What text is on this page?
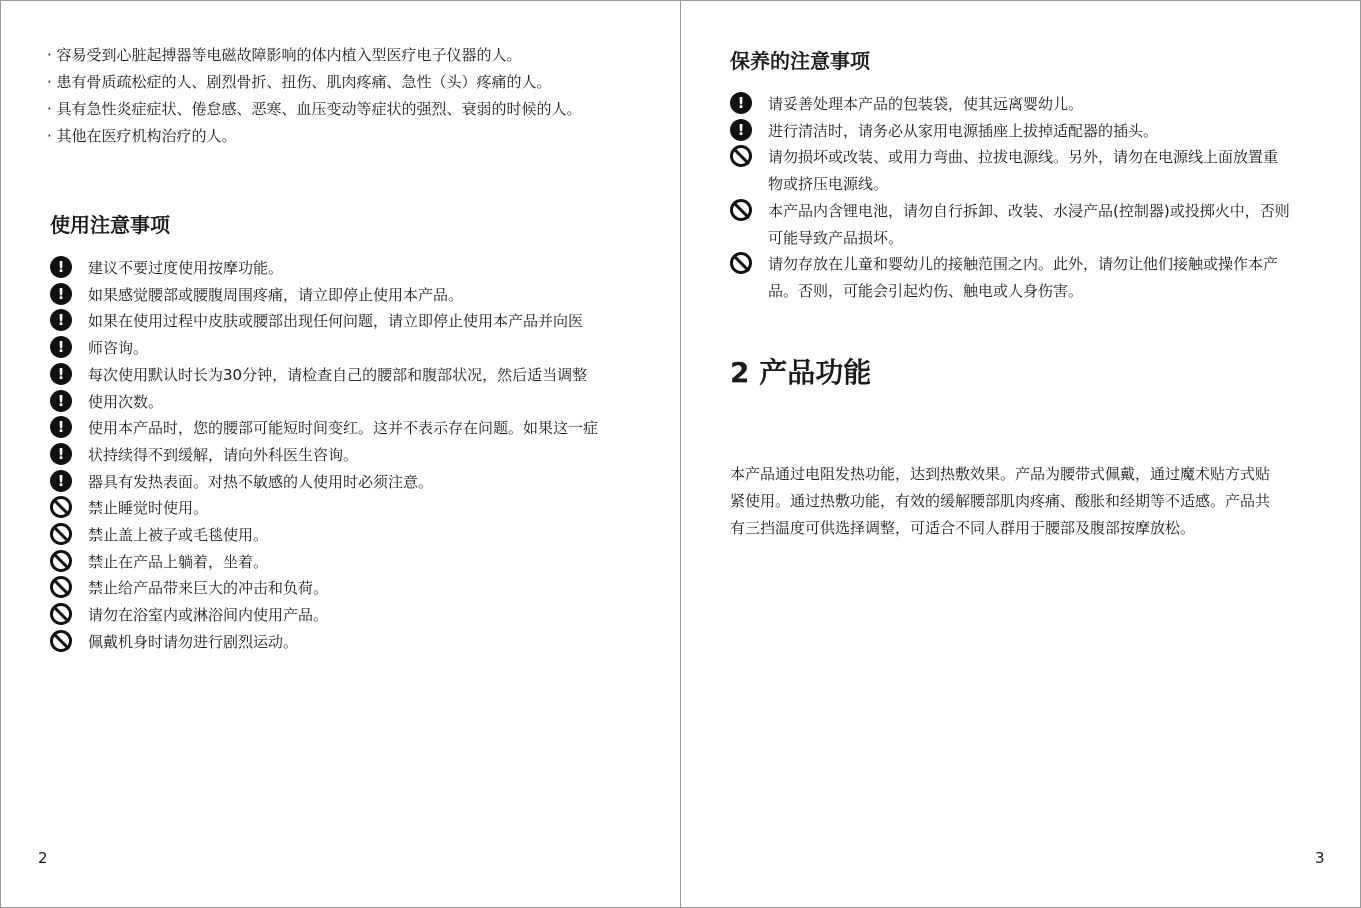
· 容易受到心脏起搏器等电磁故障影响的体内植入型医疗电子仪器的人。
· 患有骨质疏松症的人、剧烈骨折、扭伤、肌肉疼痛、急性（头）疼痛的人。
· 具有急性炎症症状、倦怠感、恶寒、血压变动等症状的强烈、衰弱的时候的人。
· 其他在医疗机构治疗的人。
使用注意事项
!	建议不要过度使用按摩功能。
!	如果感觉腰部或腰腹周围疼痛，请立即停止使用本产品。
!	如果在使用过程中皮肤或腰部出现任何问题，请立即停止使用本产品并向医
!	师咨询。
!	每次使用默认时长为30分钟，请检查自己的腰部和腹部状况，然后适当调整
!	使用次数。
!	使用本产品时，您的腰部可能短时间变红。这并不表示存在问题。如果这一症
!	状持续得不到缓解，请向外科医生咨询。
!	器具有发热表面。对热不敏感的人使用时必须注意。
禁止睡觉时使用。
禁止盖上被子或毛毯使用。
禁止在产品上躺着，坐着。
禁止给产品带来巨大的冲击和负荷。
请勿在浴室内或淋浴间内使用产品。
佩戴机身时请勿进行剧烈运动。
2
保养的注意事项
!	请妥善处理本产品的包装袋，使其远离婴幼儿。
!	进行清洁时，请务必从家用电源插座上拔掉适配器的插头。
请勿损坏或改装、或用力弯曲、拉拔电源线。另外，请勿在电源线上面放置重
物或挤压电源线。
本产品内含锂电池，请勿自行拆卸、改装、水浸产品(控制器)或投掷火中，否则
可能导致产品损坏。
请勿存放在儿童和婴幼儿的接触范围之内。此外，请勿让他们接触或操作本产
品。否则，可能会引起灼伤、触电或人身伤害。
2 产品功能
本产品通过电阻发热功能，达到热敷效果。产品为腰带式佩戴，通过魔术贴方式贴
紧使用。通过热敷功能，有效的缓解腰部肌肉疼痛、酸胀和经期等不适感。产品共
有三挡温度可供选择调整，可适合不同人群用于腰部及腹部按摩放松。
3
